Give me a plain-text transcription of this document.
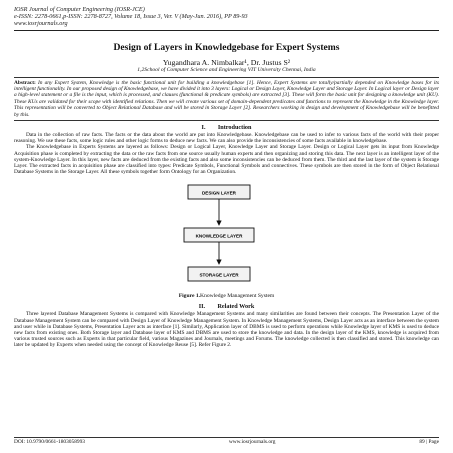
IOSR Journal of Computer Engineering (IOSR-JCE)
e-ISSN: 2278-0661,p-ISSN: 2278-8727, Volume 18, Issue 3, Ver. V (May-Jun. 2016), PP 89-93
www.iosrjournals.org
Design of Layers in Knowledgebase for Expert Systems
Yugandhara A. Nimbalkar¹, Dr. Justus S²
1,2School of Computer Science and Engineering VIT University Chennai, India
Abstract: In any Expert System, Knowledge is the basic functional unit for building a knowledgebase [1]. Hence, Expert Systems are totally/partially depended on Knowledge bases for its intelligent functionality. In our proposed design of Knowledgebase, we have divided it into 3 layers: Logical or Design Layer, Knowledge Layer and Storage Layer. In Logical layer or Design layer a high-level statement or a file is the input, which is processed, and clauses (functional & predicate symbols) are extracted [3]. These will form the basic unit for designing a knowledge unit (KU). These KUs are validated for their scope with identified relations. Then we will create various set of domain-dependent predicates and functions to represent the Knowledge in the Knowledge layer. This representation will be converted to Object Relational Database and will be stored in Storage Layer [2]. Researchers working in design and development of Knowledgebase will be benefitted by this.
I.  Introduction

Data in the collection of raw facts. The facts or the data about the world are put into Knowledgebase. Knowledgebase can be used to infer to various facts of the world with their proper reasoning. We use these facts, some logic rules and other logic forms to deduce new facts. We can also provide the inconsistencies of some facts available in knowledgebase.

The Knowledgebase in Experts Systems are layered as follows: Design or Logical Layer, Knowledge Layer and Storage Layer. Design or Logical Layer gets its input from Knowledge Acquisition phase is completed by extracting the data or the raw facts from one source usually human experts and then organizing and storing this data. The next layer is an intelligent layer of the system-Knowledge Layer. In this layer, new facts are deduced from the existing facts and also some inconsistencies can be deduced from them. The third and the last layer of the system is Storage Layer. The extracted facts in acquisition phase are classified into types: Predicate Symbols, Functional Symbols and connectives. These symbols are then stored in the form of Object Relational Database Systems in the Storage Layer. All these symbols together form Ontology for an Organization.

DESIGN LAYER
KNOWLEDGE LAYER
STORAGE LAYER
Figure 1.Knowledge Management System
II.  Related Work

Three layered Database Management Systems is compared with Knowledge Management Systems and many similarities are found between their concepts. The Presentation Layer of the Database Management System can be compared with Design Layer of Knowledge Management System. In Knowledge Management Systems, Design Layer acts as an interface between the system and user while in Database Systems, Presentation Layer acts as interface [1]. Similarly, Application layer of DBMS is used to perform operations while Knowledge layer of KMS is used to deduce new facts from existing ones. Both Storage layer and Database layer of KMS and DBMS are used to store the knowledge and data. In the design layer of the KMS, knowledge is acquired from various trusted sources such as Experts in that particular field, various Magazines and Journals, meetings and Forums. The knowledge collected is then classified and stored. This knowledge can later be updated by Experts when needed using the concept of Knowledge Reuse [5]. Refer Figure 2.

DOI: 10.9790/0661-1803058993	www.iosrjournals.org	89 | Page
